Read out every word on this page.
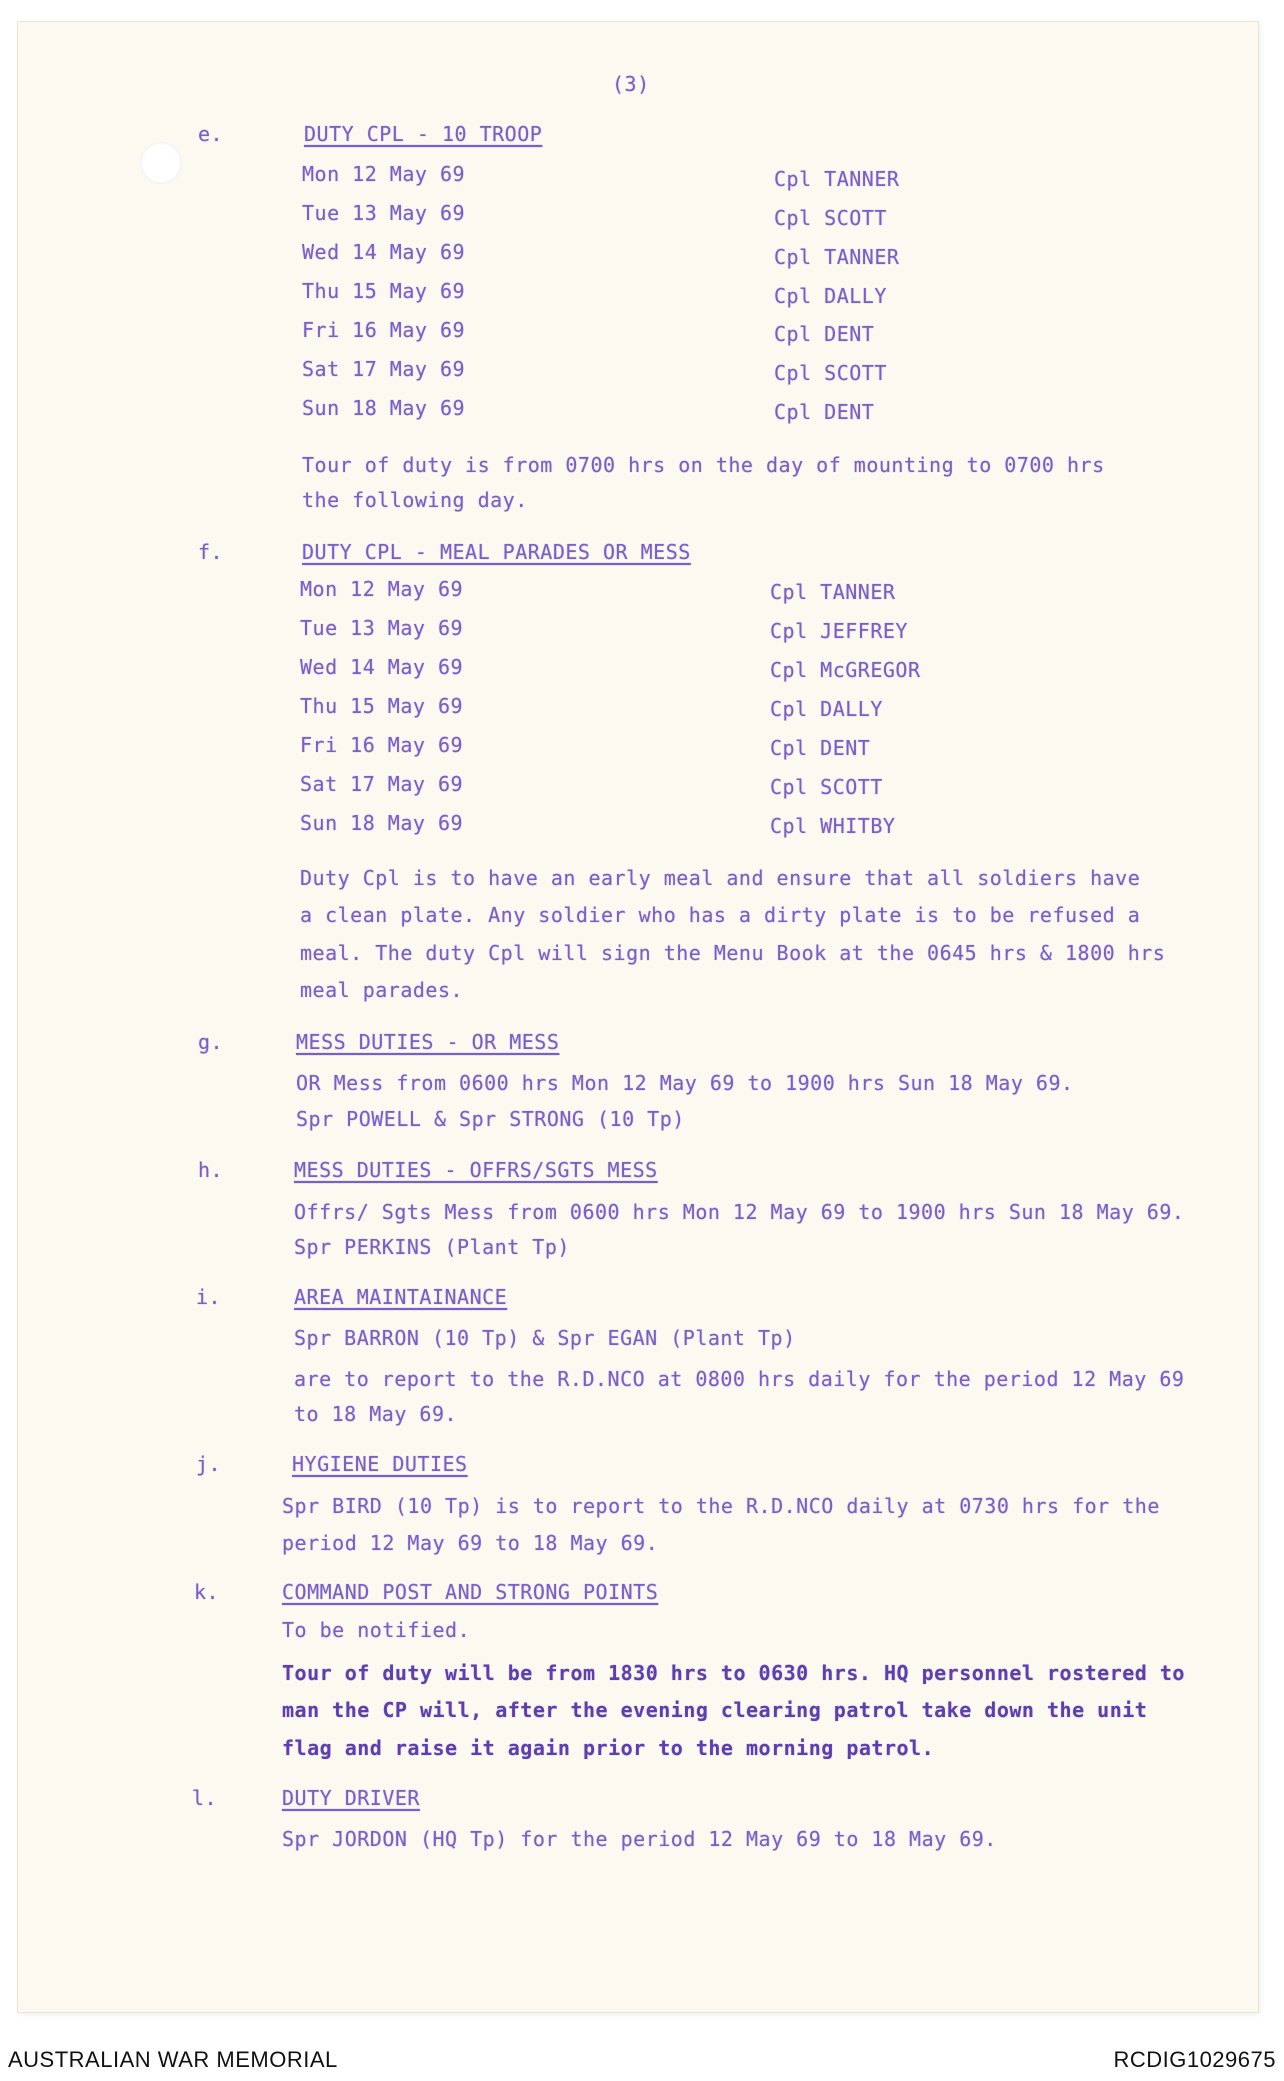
(3)
e.	DUTY CPL - 10 TROOP
Mon 12 May 69	Cpl TANNER
Tue 13 May 69	Cpl SCOTT
Wed 14 May 69	Cpl TANNER
Thu 15 May 69	Cpl DALLY
Fri 16 May 69	Cpl DENT
Sat 17 May 69	Cpl SCOTT
Sun 18 May 69	Cpl DENT
Tour of duty is from 0700 hrs on the day of mounting to 0700 hrs
the following day.
f.	DUTY CPL - MEAL PARADES OR MESS
Mon 12 May 69	Cpl TANNER
Tue 13 May 69	Cpl JEFFREY
Wed 14 May 69	Cpl McGREGOR
Thu 15 May 69	Cpl DALLY
Fri 16 May 69	Cpl DENT
Sat 17 May 69	Cpl SCOTT
Sun 18 May 69	Cpl WHITBY
Duty Cpl is to have an early meal and ensure that all soldiers have
a clean plate. Any soldier who has a dirty plate is to be refused a
meal. The duty Cpl will sign the Menu Book at the 0645 hrs & 1800 hrs
meal parades.
g.	MESS DUTIES - OR MESS
OR Mess from 0600 hrs Mon 12 May 69 to 1900 hrs Sun 18 May 69.
Spr POWELL & Spr STRONG (10 Tp)
h.	MESS DUTIES - OFFRS/SGTS MESS
Offrs/ Sgts Mess from 0600 hrs Mon 12 May 69 to 1900 hrs Sun 18 May 69.
Spr PERKINS (Plant Tp)
i.	AREA MAINTAINANCE
Spr BARRON (10 Tp) & Spr EGAN (Plant Tp)
are to report to the R.D.NCO at 0800 hrs daily for the period 12 May 69
to 18 May 69.
j.	HYGIENE DUTIES
Spr BIRD (10 Tp) is to report to the R.D.NCO daily at 0730 hrs for the
period 12 May 69 to 18 May 69.
k.	COMMAND POST AND STRONG POINTS
To be notified.
Tour of duty will be from 1830 hrs to 0630 hrs. HQ personnel rostered to
man the CP will, after the evening clearing patrol take down the unit
flag and raise it again prior to the morning patrol.
l.	DUTY DRIVER
Spr JORDON (HQ Tp) for the period 12 May 69 to 18 May 69.
AUSTRALIAN WAR MEMORIAL	RCDIG1029675
